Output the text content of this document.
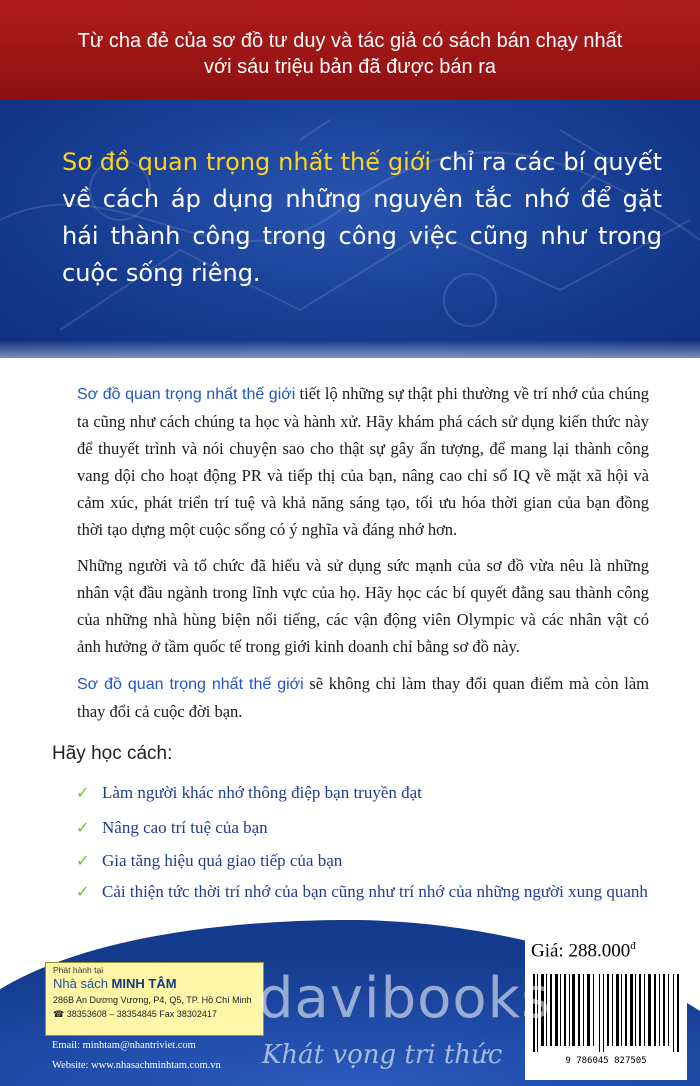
Từ cha đẻ của sơ đồ tư duy và tác giả có sách bán chạy nhất
với sáu triệu bản đã được bán ra
Sơ đồ quan trọng nhất thế giới chỉ ra các bí quyết về cách áp dụng những nguyên tắc nhớ để gặt hái thành công trong công việc cũng như trong cuộc sống riêng.

Sơ đồ quan trọng nhất thế giới tiết lộ những sự thật phi thường về trí nhớ của chúng ta cũng như cách chúng ta học và hành xử. Hãy khám phá cách sử dụng kiến thức này để thuyết trình và nói chuyện sao cho thật sự gây ấn tượng, để mang lại thành công vang dội cho hoạt động PR và tiếp thị của bạn, nâng cao chỉ số IQ về mặt xã hội và cảm xúc, phát triển trí tuệ và khả năng sáng tạo, tối ưu hóa thời gian của bạn đồng thời tạo dựng một cuộc sống có ý nghĩa và đáng nhớ hơn.

Những người và tổ chức đã hiểu và sử dụng sức mạnh của sơ đồ vừa nêu là những nhân vật đầu ngành trong lĩnh vực của họ. Hãy học các bí quyết đằng sau thành công của những nhà hùng biện nổi tiếng, các vận động viên Olympic và các nhân vật có ảnh hưởng ở tầm quốc tế trong giới kinh doanh chỉ bằng sơ đồ này.

Sơ đồ quan trọng nhất thế giới sẽ không chỉ làm thay đổi quan điểm mà còn làm thay đổi cả cuộc đời bạn.

Hãy học cách:
✓ Làm người khác nhớ thông điệp bạn truyền đạt
✓ Nâng cao trí tuệ của bạn
✓ Gia tăng hiệu quả giao tiếp của bạn
✓ Cải thiện tức thời trí nhớ của bạn cũng như trí nhớ của những người xung quanh
Giá: $288.000^đ$
9 786045 827505
Phát hành tại
Nhà sách MINH TÂM
286B An Dương Vương, P4, Q5, TP. Hồ Chí Minh
☎ 38353608 – 38354845 Fax 38302417
Email: minhtam@nhantriviet.com
Website: www.nhasachminhtam.com.vn
davibooks
Khát vọng tri thức
